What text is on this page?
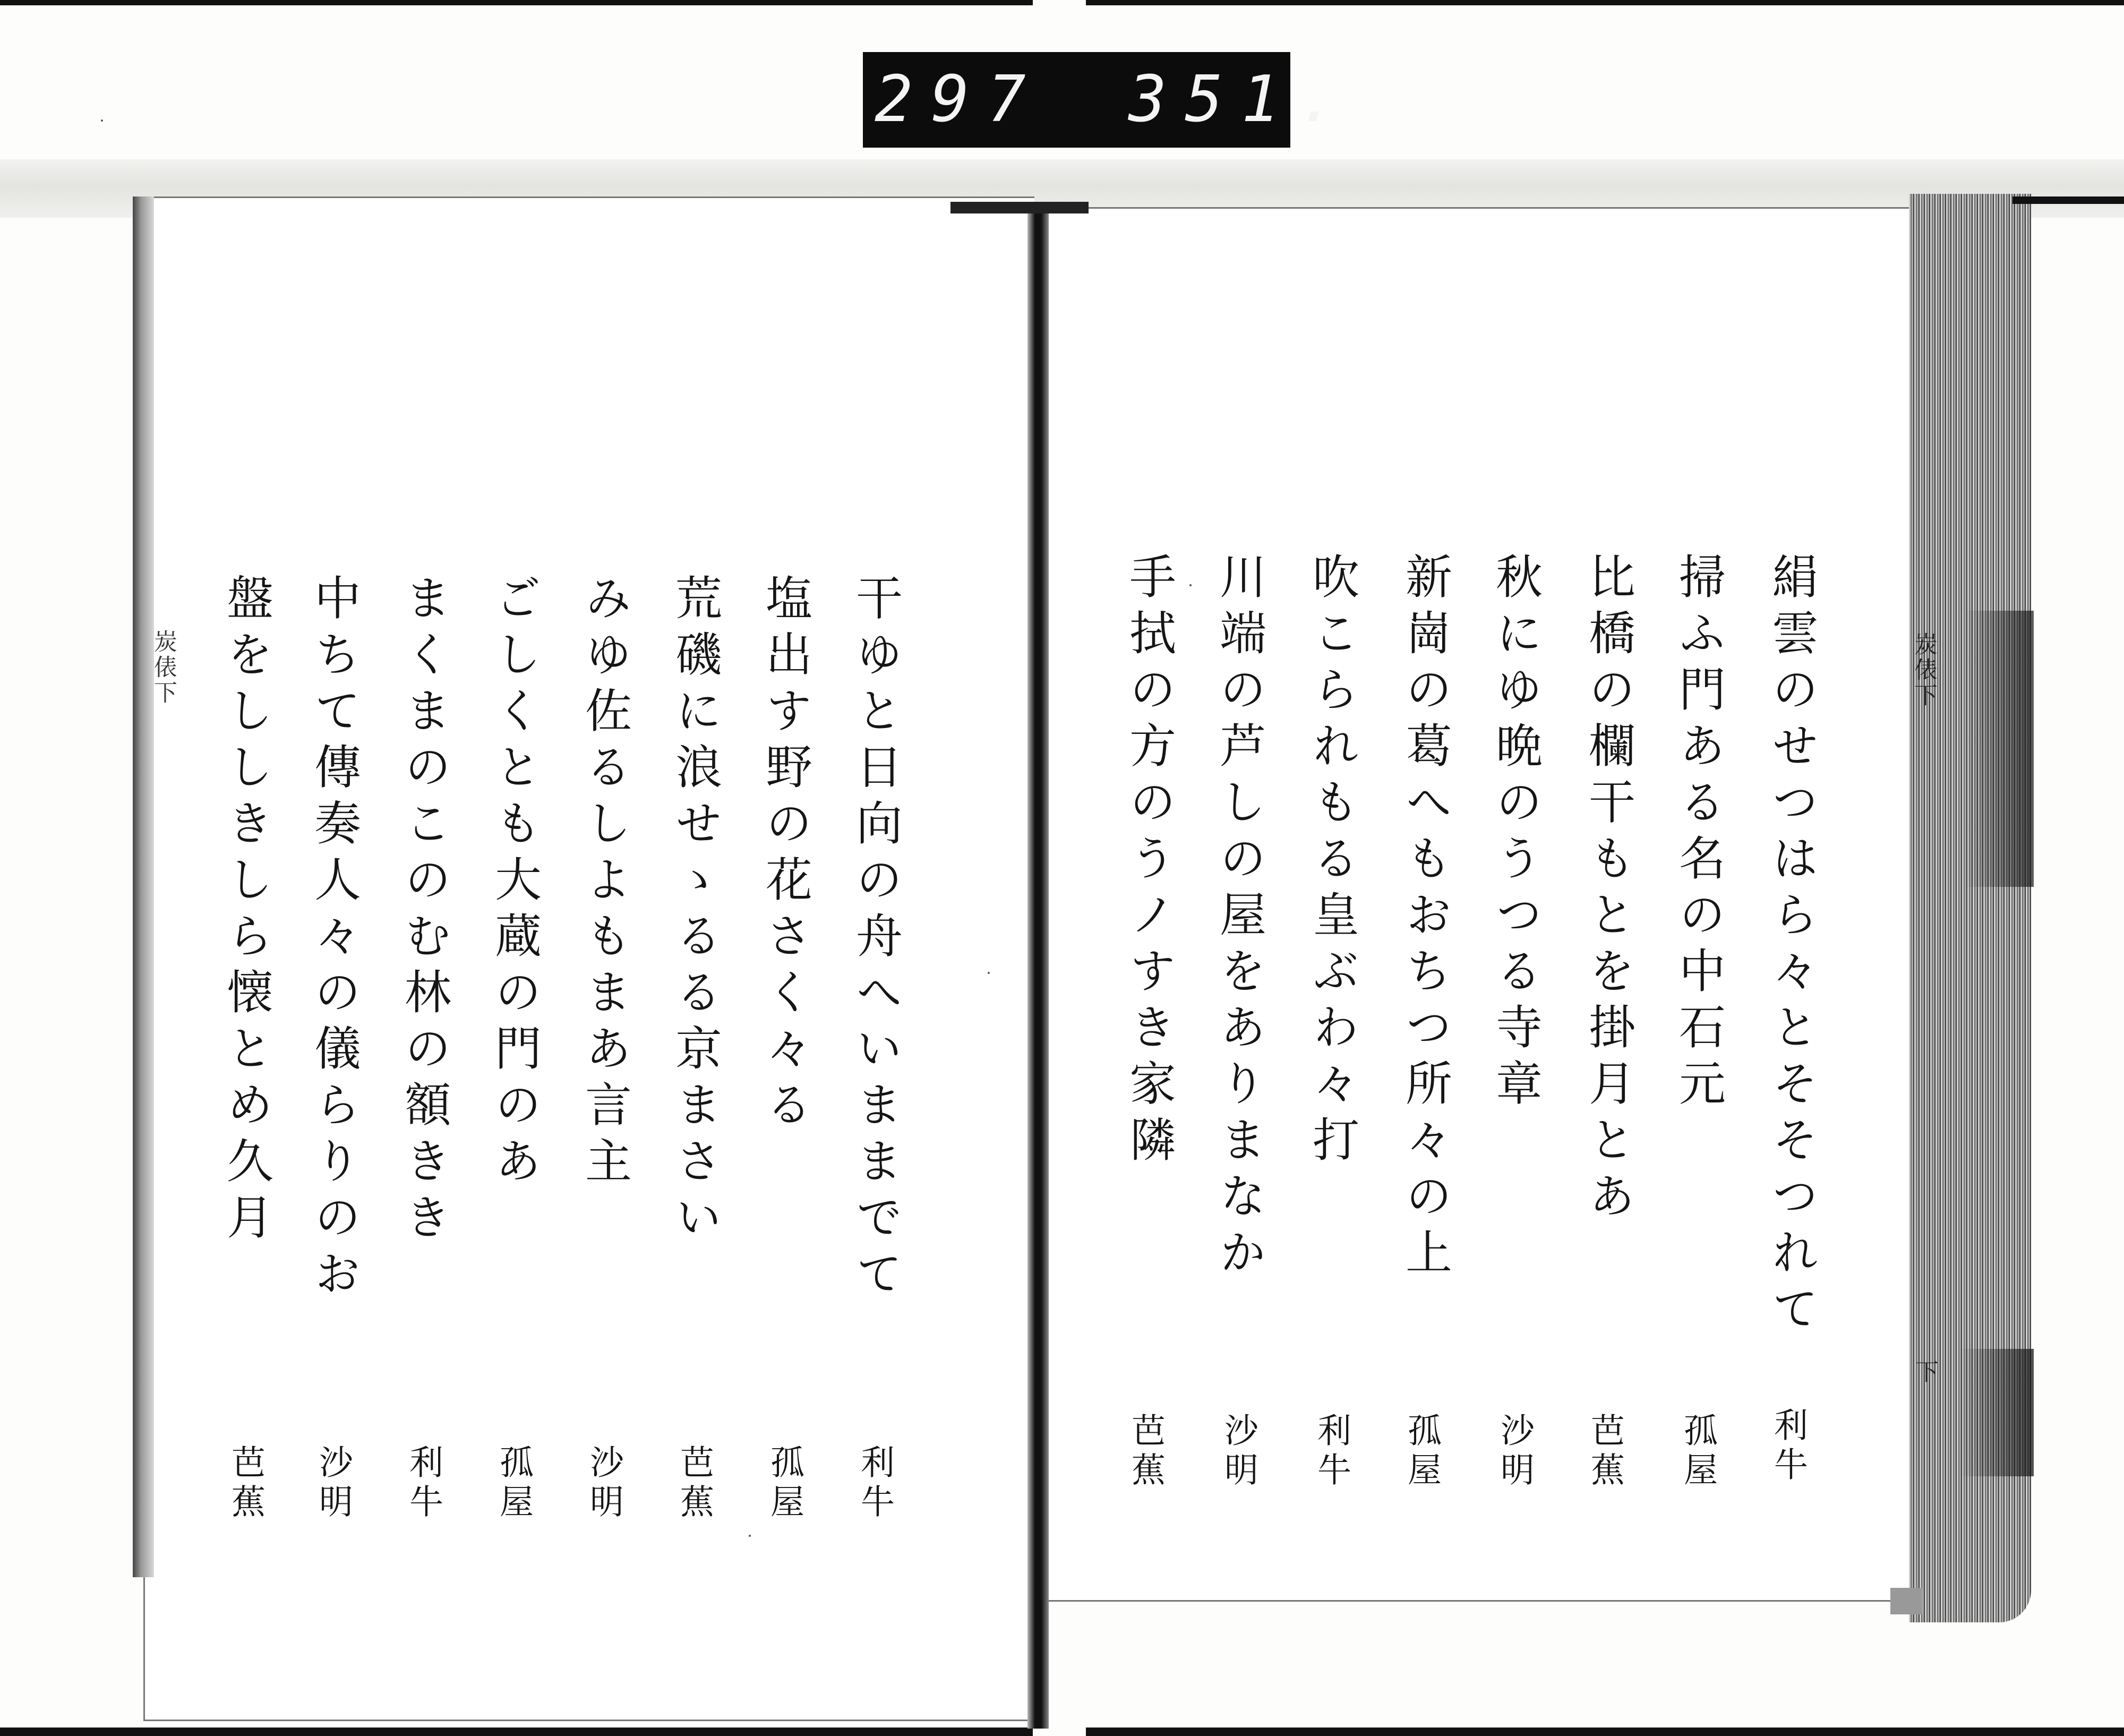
297 351.
炭俵下	炭俵下
下
絹雲のせつはら々とそそつれて
利牛
掃ふ門ある名の中石元
孤屋
比橋の欄干もとを掛月とあ
芭蕉
秋にゆ晩のうつる寺章
沙明
新崗の葛へもおちつ所々の上
孤屋
吹こられもる皇ぶわ々打
利牛
川端の芦しの屋をありまなか
沙明
手拭の方のうノすき家隣
芭蕉
干ゆと日向の舟へいままでて
利牛
塩出す野の花さく々る
孤屋
荒磯に浪せゝるる京まさい
芭蕉
みゆ佐るしよもまあ言主
沙明
ごしくとも大蔵の門のあ
孤屋
まくまのこのむ林の額きき
利牛
中ちて傳奏人々の儀らりのお
沙明
盤をししきしら懐とめ久月
芭蕉
